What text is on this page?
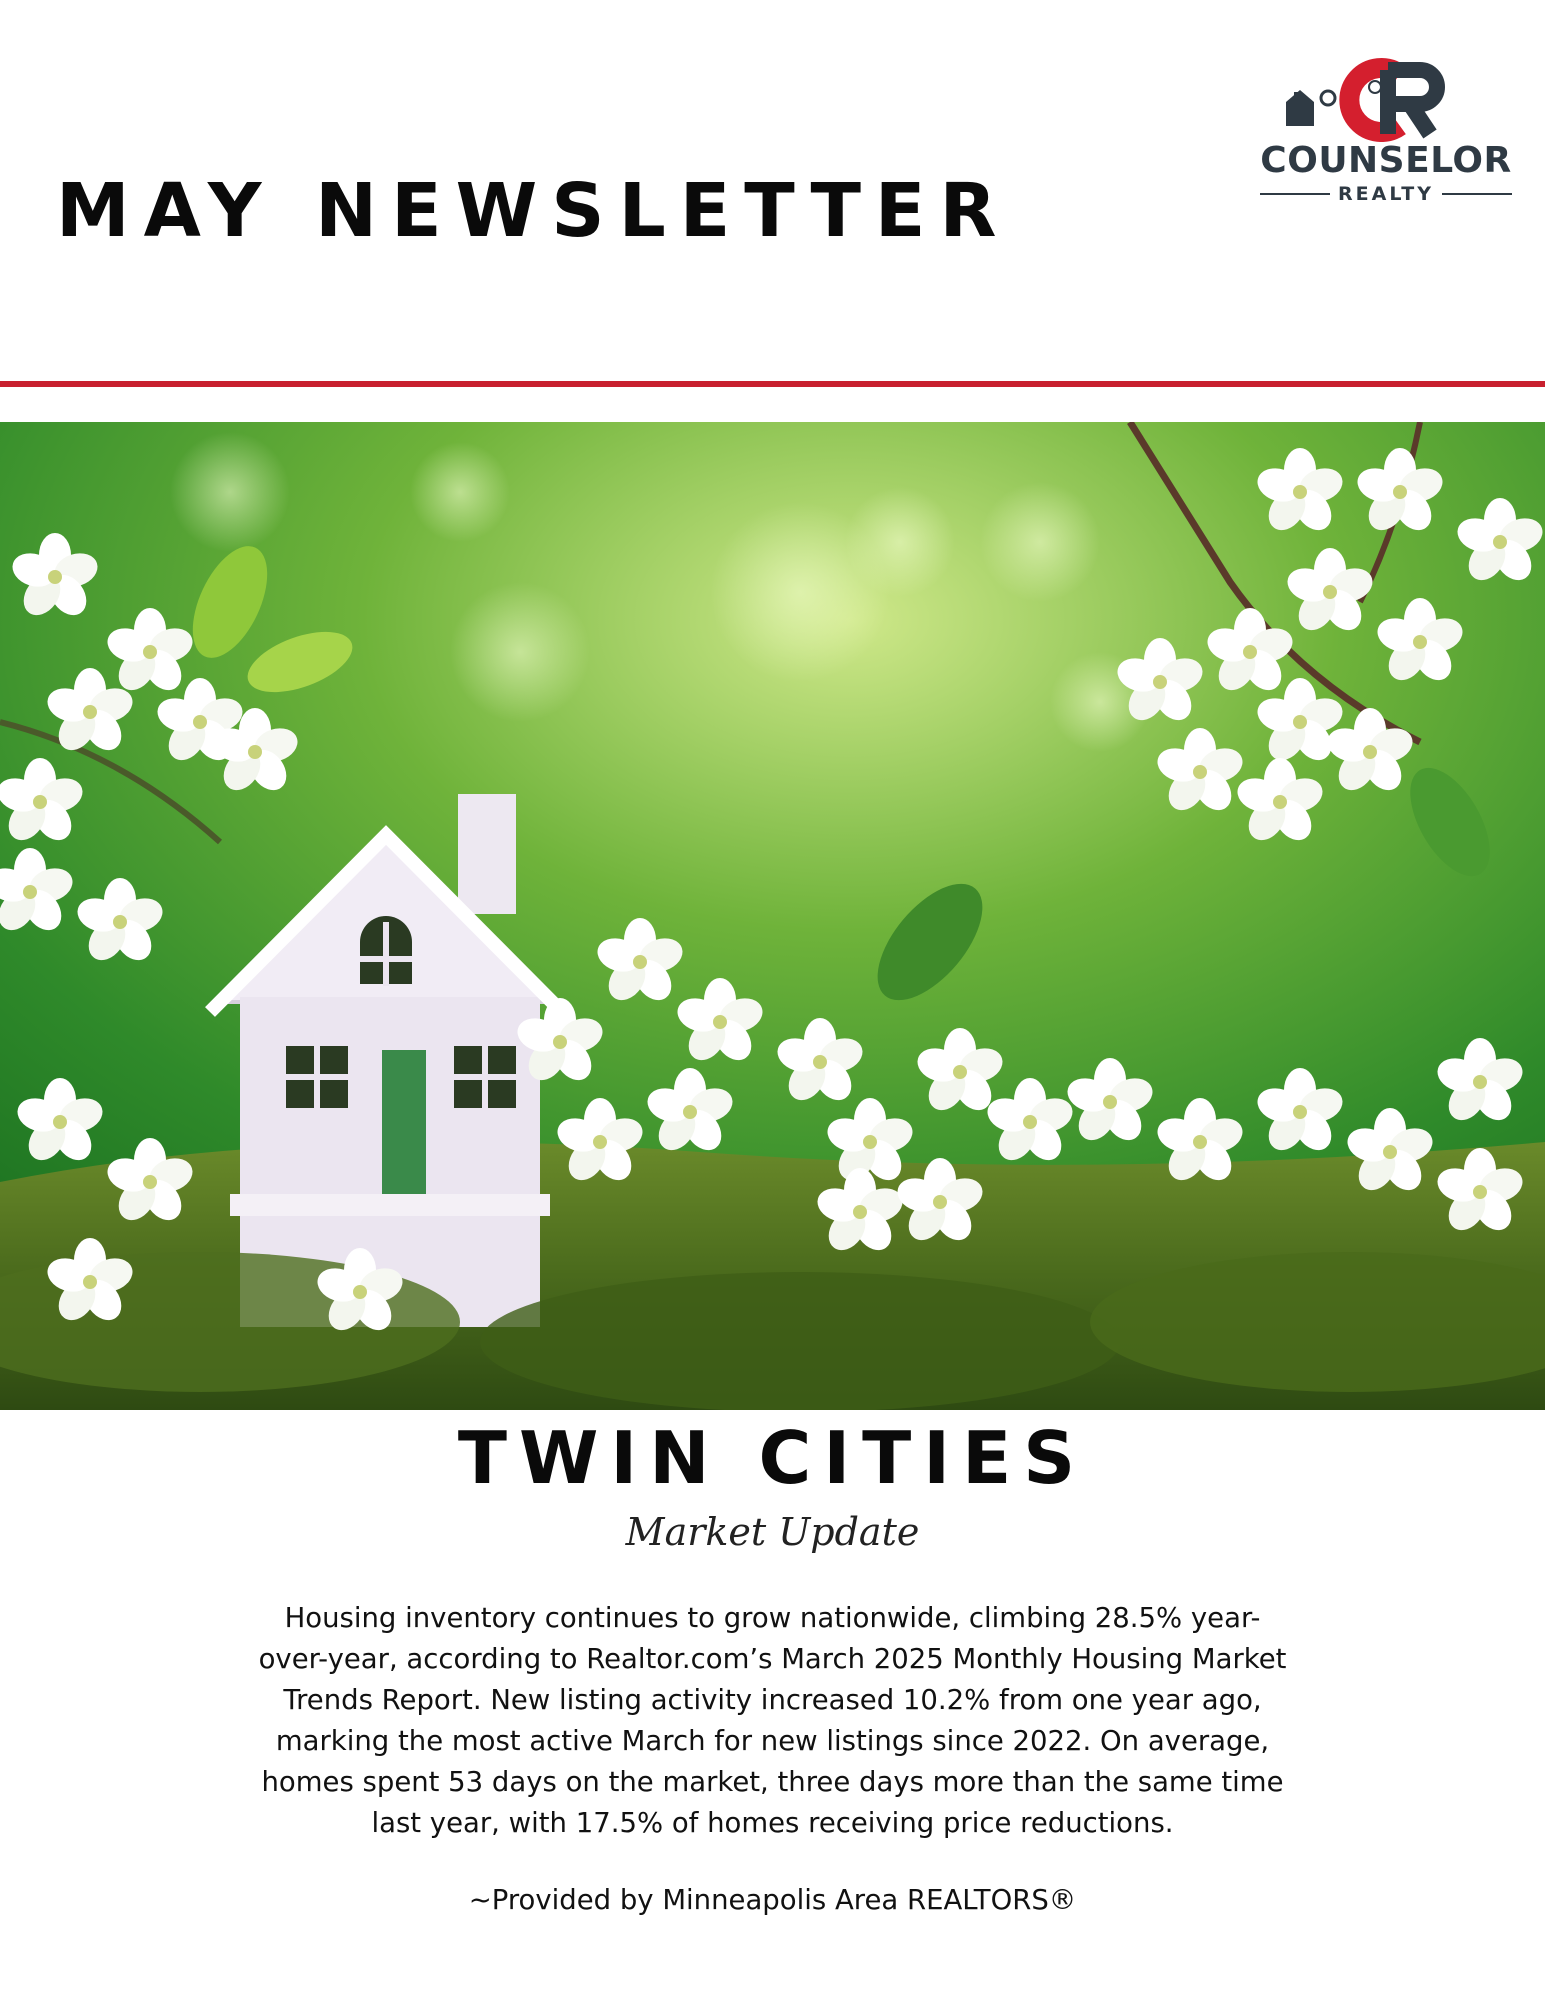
MAY NEWSLETTER
COUNSELOR
REALTY
TWIN CITIES
Market Update
Housing inventory continues to grow nationwide, climbing 28.5% year-over-year, according to Realtor.com’s March 2025 Monthly Housing Market Trends Report. New listing activity increased 10.2% from one year ago, marking the most active March for new listings since 2022. On average, homes spent 53 days on the market, three days more than the same time last year, with 17.5% of homes receiving price reductions.
~Provided by Minneapolis Area REALTORS®
